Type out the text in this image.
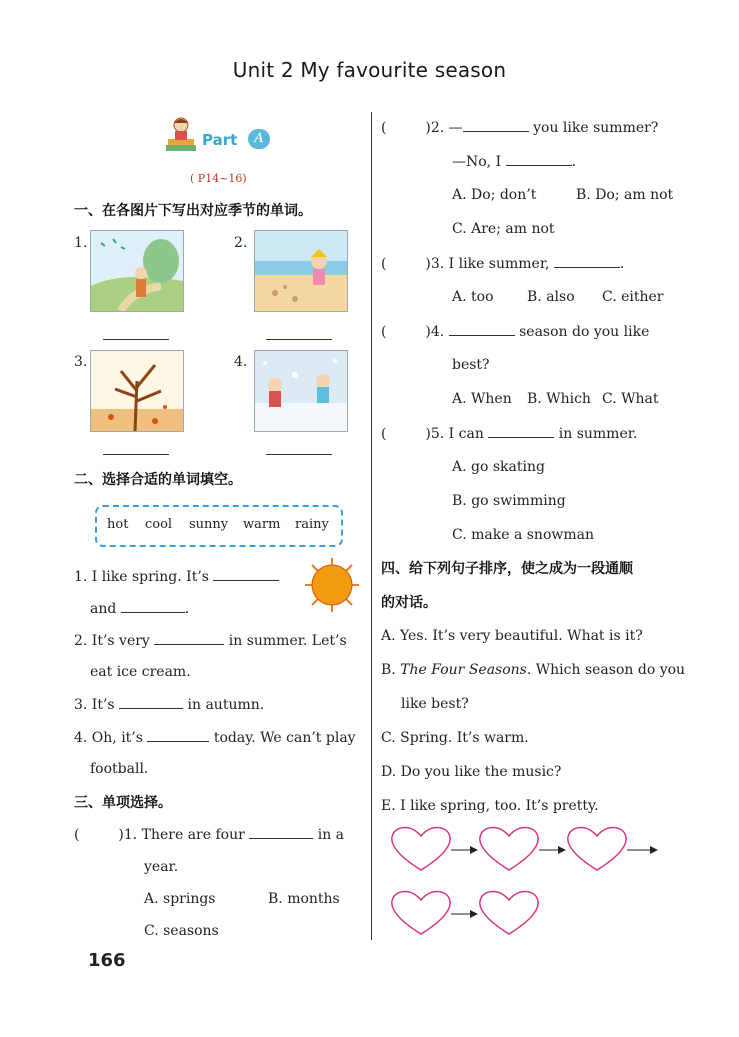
Unit 2 My favourite season
Part	A
( P14~16)
一、在各图片下写出对应季节的单词。
1.	2.
3.	4.
二、选择合适的单词填空。
hot cool sunny warm rainy
1. I like spring. It’s
and	.
2. It’s very	in summer. Let’s
eat ice cream.
3. It’s	in autumn.
4. Oh, it’s	today. We can’t play
football.
三、单项选择。
(	)1. There are four	in a
year.
A. springs	B. months
C. seasons
166
(	)2. —	you like summer?
—No, I	.
A. Do; don’t	B. Do; am not
C. Are; am not
(	)3. I like summer,	.
A. too B. also C. either
(	)4.	season do you like
best?
A. When B. Which C. What
(	)5. I can	in summer.
A. go skating
B. go swimming
C. make a snowman
四、给下列句子排序，使之成为一段通顺
的对话。
A. Yes. It’s very beautiful. What is it?
B. The Four Seasons. Which season do you
like best?
C. Spring. It’s warm.
D. Do you like the music?
E. I like spring, too. It’s pretty.
